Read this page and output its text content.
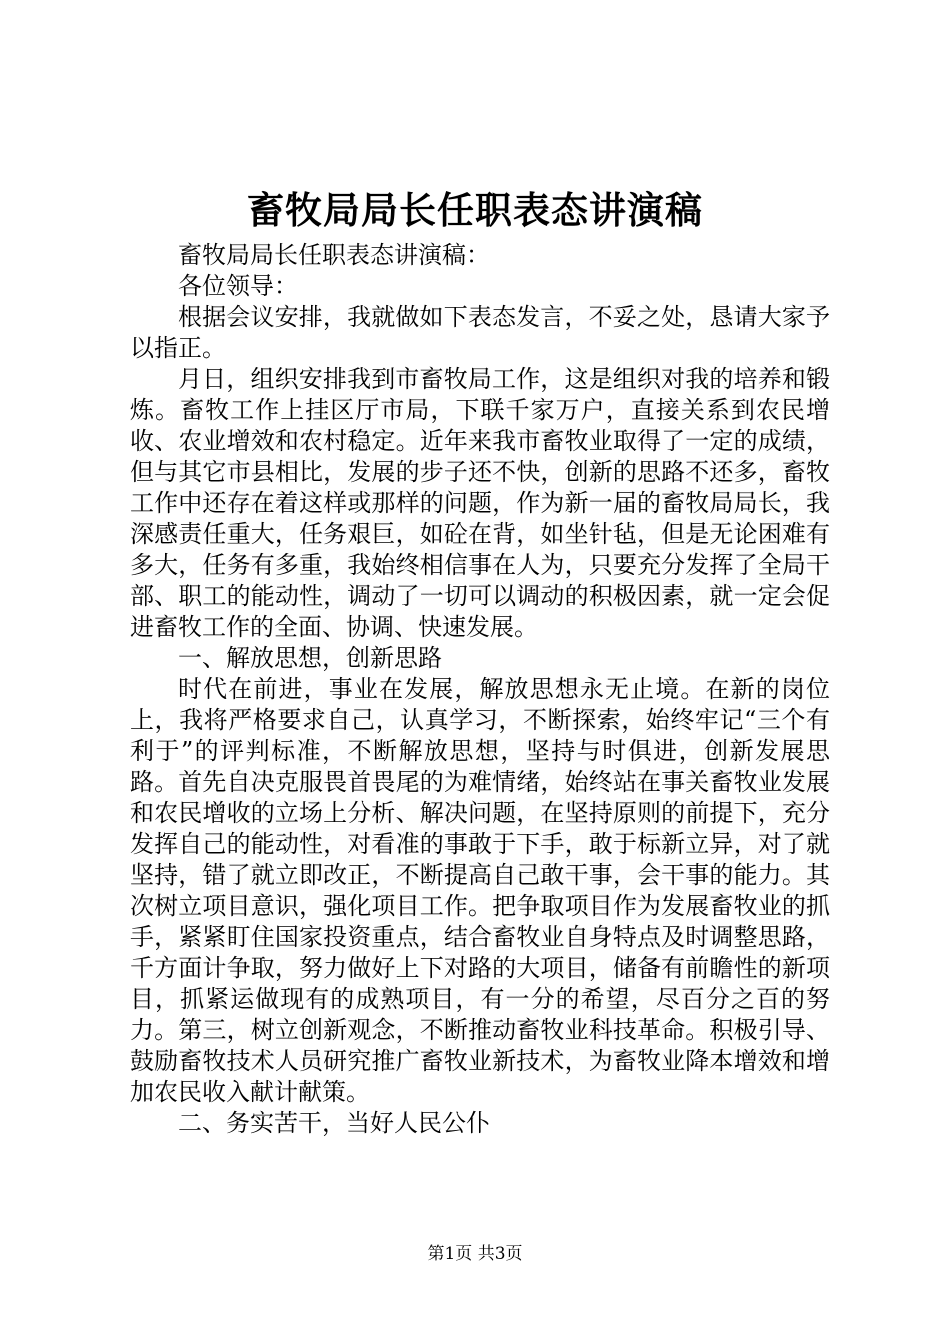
畜牧局局长任职表态讲演稿

畜牧局局长任职表态讲演稿：

各位领导：

根据会议安排，我就做如下表态发言，不妥之处，恳请大家予以指正。

月日，组织安排我到市畜牧局工作，这是组织对我的培养和锻炼。畜牧工作上挂区厅市局，下联千家万户，直接关系到农民增收、农业增效和农村稳定。近年来我市畜牧业取得了一定的成绩，但与其它市县相比，发展的步子还不快，创新的思路不还多，畜牧工作中还存在着这样或那样的问题，作为新一届的畜牧局局长，我深感责任重大，任务艰巨，如砼在背，如坐针毡，但是无论困难有多大，任务有多重，我始终相信事在人为，只要充分发挥了全局干部、职工的能动性，调动了一切可以调动的积极因素，就一定会促进畜牧工作的全面、协调、快速发展。

一、解放思想，创新思路

时代在前进，事业在发展，解放思想永无止境。在新的岗位上，我将严格要求自己，认真学习，不断探索，始终牢记“三个有利于”的评判标准，不断解放思想，坚持与时俱进，创新发展思路。首先自决克服畏首畏尾的为难情绪，始终站在事关畜牧业发展和农民增收的立场上分析、解决问题，在坚持原则的前提下，充分发挥自己的能动性，对看准的事敢于下手，敢于标新立异，对了就坚持，错了就立即改正，不断提高自己敢干事，会干事的能力。其次树立项目意识，强化项目工作。把争取项目作为发展畜牧业的抓手，紧紧盯住国家投资重点，结合畜牧业自身特点及时调整思路，千方面计争取，努力做好上下对路的大项目，储备有前瞻性的新项目，抓紧运做现有的成熟项目，有一分的希望，尽百分之百的努力。第三，树立创新观念，不断推动畜牧业科技革命。积极引导、鼓励畜牧技术人员研究推广畜牧业新技术，为畜牧业降本增效和增加农民收入献计献策。

二、务实苦干，当好人民公仆

第1页 共3页
